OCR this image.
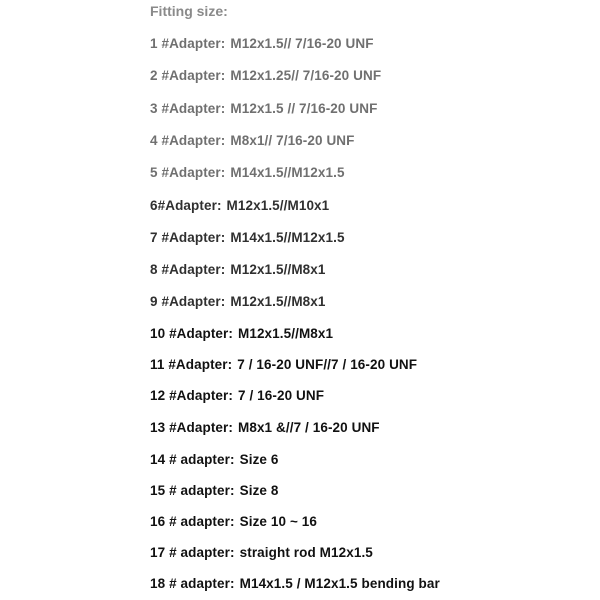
Fitting size:
1 #Adapter: M12x1.5// 7/16-20 UNF
2 #Adapter: M12x1.25// 7/16-20 UNF
3 #Adapter: M12x1.5 // 7/16-20 UNF
4 #Adapter: M8x1// 7/16-20 UNF
5 #Adapter: M14x1.5//M12x1.5
6#Adapter: M12x1.5//M10x1
7 #Adapter: M14x1.5//M12x1.5
8 #Adapter: M12x1.5//M8x1
9 #Adapter: M12x1.5//M8x1
10 #Adapter: M12x1.5//M8x1
11 #Adapter: 7 / 16-20 UNF//7 / 16-20 UNF
12 #Adapter: 7 / 16-20 UNF
13 #Adapter: M8x1 &//7 / 16-20 UNF
14 # adapter: Size 6
15 # adapter: Size 8
16 # adapter: Size 10 ~ 16
17 # adapter: straight rod M12x1.5
18 # adapter: M14x1.5 / M12x1.5 bending bar
